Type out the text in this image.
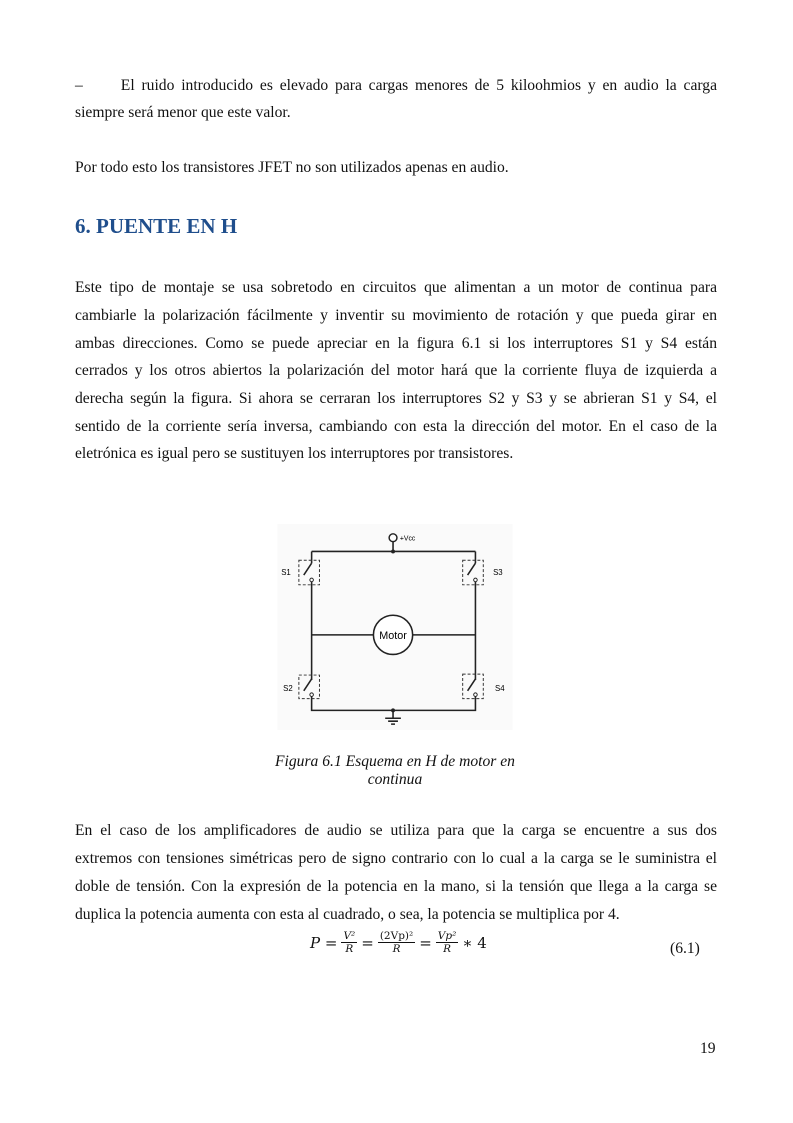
– El ruido introducido es elevado para cargas menores de 5 kiloohmios y en audio la carga
siempre será menor que este valor.
Por todo esto los transistores JFET no son utilizados apenas en audio.
6. PUENTE EN H
Este tipo de montaje se usa sobretodo en circuitos que alimentan a un motor de continua para
cambiarle la polarización fácilmente y inventir su movimiento de rotación y que pueda girar en
ambas direcciones. Como se puede apreciar en la figura 6.1 si los interruptores S1 y S4 están
cerrados y los otros abiertos la polarización del motor hará que la corriente fluya de izquierda a
derecha según la figura. Si ahora se cerraran los interruptores S2 y S3 y se abrieran S1 y S4, el
sentido de la corriente sería inversa, cambiando con esta la dirección del motor. En el caso de la
eletrónica es igual pero se sustituyen los interruptores por transistores.
Motor
+Vcc
S1
S2
S3
S4
Figura 6.1 Esquema en H de motor en
continua
En el caso de los amplificadores de audio se utiliza para que la carga se encuentre a sus dos
extremos con tensiones simétricas pero de signo contrario con lo cual a la carga se le suministra el
doble de tensión. Con la expresión de la potencia en la mano, si la tensión que llega a la carga se
duplica la potencia aumenta con esta al cuadrado, o sea, la potencia se multiplica por 4.
P
= $\frac{\text{V²}}{R} = \frac{\text{(2Vp)²}}{R} = \frac{\text{Vp²}}{R}$ ∗ 4	(6.1)
19
